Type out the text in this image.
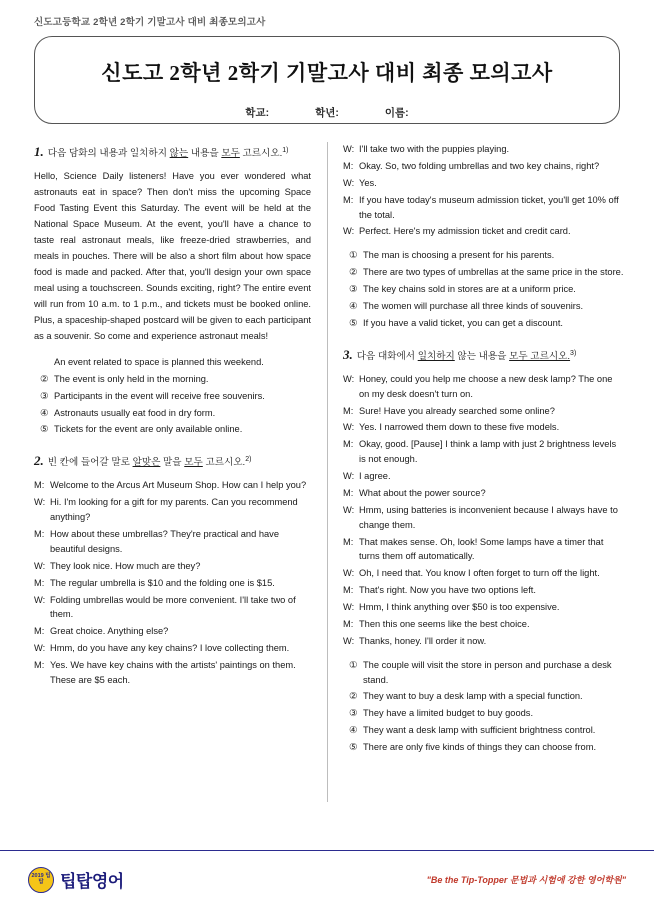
신도고등학교 2학년 2학기 기말고사 대비 최종모의고사
신도고 2학년 2학기 기말고사 대비 최종 모의고사
학교:	학년:	이름:
1. 다음 담화의 내용과 일치하지 않는 내용을 모두 고르시오.$^{1)}$
Hello, Science Daily listeners! Have you ever wondered what astronauts eat in space? Then don't miss the upcoming Space Food Tasting Event this Saturday. The event will be held at the National Space Museum. At the event, you'll have a chance to taste real astronaut meals, like freeze-dried strawberries, and meals in pouches. There will be also a short film about how space food is made and packed. After that, you'll design your own space meal using a touchscreen. Sounds exciting, right? The entire event will run from 10 a.m. to 1 p.m., and tickets must be booked online. Plus, a spaceship-shaped postcard will be given to each participant as a souvenir. So come and experience astronaut meals!
An event related to space is planned this weekend.
② The event is only held in the morning.
③ Participants in the event will receive free souvenirs.
④ Astronauts usually eat food in dry form.
⑤ Tickets for the event are only available online.
2. 빈 칸에 들어갈 말로 알맞은 말을 모두 고르시오.$^{2)}$
M: Welcome to the Arcus Art Museum Shop. How can I help you?
W: Hi. I'm looking for a gift for my parents. Can you recommend anything?
M: How about these umbrellas? They're practical and have beautiful designs.
W: They look nice. How much are they?
M: The regular umbrella is $10 and the folding one is $15.
W: Folding umbrellas would be more convenient. I'll take two of them.
M: Great choice. Anything else?
W: Hmm, do you have any key chains? I love collecting them.
M: Yes. We have key chains with the artists' paintings on them. These are $5 each.
W: I'll take two with the puppies playing.
M: Okay. So, two folding umbrellas and two key chains, right?
W: Yes.
M: If you have today's museum admission ticket, you'll get 10% off the total.
W: Perfect. Here's my admission ticket and credit card.
① The man is choosing a present for his parents.
② There are two types of umbrellas at the same price in the store.
③ The key chains sold in stores are at a uniform price.
④ The women will purchase all three kinds of souvenirs.
⑤ If you have a valid ticket, you can get a discount.
3. 다음 대화에서 일치하지 않는 내용을 모두 고르시오.$^{3)}$
W: Honey, could you help me choose a new desk lamp? The one on my desk doesn't turn on.
M: Sure! Have you already searched some online?
W: Yes. I narrowed them down to these five models.
M: Okay, good. [Pause] I think a lamp with just 2 brightness levels is not enough.
W: I agree.
M: What about the power source?
W: Hmm, using batteries is inconvenient because I always have to change them.
M: That makes sense. Oh, look! Some lamps have a timer that turns them off automatically.
W: Oh, I need that. You know I often forget to turn off the light.
M: That's right. Now you have two options left.
W: Hmm, I think anything over $50 is too expensive.
M: Then this one seems like the best choice.
W: Thanks, honey. I'll order it now.
① The couple will visit the store in person and purchase a desk stand.
② They want to buy a desk lamp with a special function.
③ They have a limited budget to buy goods.
④ They want a desk lamp with sufficient brightness control.
⑤ There are only five kinds of things they can choose from.
2019 팁탑 팁탑영어	"Be the Tip-Topper 문법과 시험에 강한 영어학원"
